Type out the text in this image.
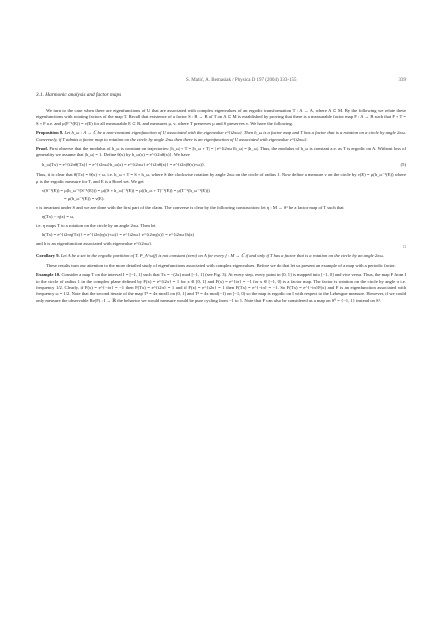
S. Matić, A. Bemasiak / Physica D 197 (2004) 333-155	339
3.1. Harmonic analysis and factor maps

We turn to the case when there are eigenfunctions of U that are associated with complex eigenvalues of an ergodic transformation T : A → A, where A ⊂ M. By the following we relate these eigenfunctions with rotating factors of the map T. Recall that existence of a factor S : B → B of T on A ⊂ M is established by proving that there is a measurable factor map F : A → B such that F ∘ T = S ∘ F a.e. and μ(F⁻¹(E)) = ν(E) for all measurable E ⊂ B, and measures μ, ν, where T preserves μ and S preserves ν. We have the following.

Proposition 8. Let h_ω : A → ℂ be a non-constant eigenfunction of U associated with the eigenvalue e^{i2πω}. Then h_ω is a factor map and T has a factor that is a rotation on a circle by angle 2πω. Conversely, if T admits a factor map to rotation on the circle by angle 2πω then there is an eigenfunction of U associated with eigenvalue e^{i2πω}.

Proof. First observe that the modulus of h_ω is constant on trajectories: |h_ω| ∘ T = |h_ω ∘ T| = | e^{i2πω}h_ω| = |h_ω|. Thus, the modulus of h_ω is constant a.e. as T is ergodic on A. Without loss of generality we assume that |h_ω| = 1. Define θ(x) by h_ω(x) = e^{i2πθ(x)}. We have

h_ω(Tx) = e^{i2πθ(Tx)} = e^{i2πω}h_ω(x) = e^{i2πω} e^{i2πθ(x)} = e^{i2π(θ(x)+ω)}.	(5)

Thus, it is clear that θ(Tx) = θ(x) + ω, i.e. h_ω ∘ T = S ∘ h_ω, where S the clockwise rotation by angle 2πω on the circle of radius 1. Now define a measure ν on the circle by ν(E) = μ(h_ω⁻¹(E)) where μ is the ergodic measure for T, and E is a Borel set. We get

ν(S⁻¹(E)) = μ(h_ω⁻¹(S⁻¹(E))) = μ((S ∘ h_ω)⁻¹(E)) = μ((h_ω ∘ T)⁻¹(E)) = μ(T⁻¹(h_ω⁻¹(E)))
= μ(h_ω⁻¹(E)) = ν(E).

ν is invariant under S and we are done with the first part of the claim. The converse is clear by the following construction: let η : M → S¹ be a factor map of T such that

η(Tx) − η(x) = ω,

i.e. η maps T to a rotation on the circle by an angle 2πω. Then let

h(Tx) = e^{i2πη(Tx)} = e^{i2π(η(x)+ω)} = e^{i2πω} e^{i2πη(x)} = e^{i2πω}h(x)

and h is an eigenfunction associated with eigenvalue e^{i2πω}.

□

Corollary 9. Let A be a set in the ergodic partition of T. P_A^ω(f) is not constant (zero) on A for every f : M → ℂ if and only if T has a factor that is a rotation on the circle by an angle 2πω.

These results turn our attention to the more detailed study of eigenfunctions associated with complex eigenvalues. Before we do that let us present an example of a map with a periodic factor.

Example 10. Consider a map T on the interval I = [−1, 1] such that Tx = −(2x) mod [−1, 1] (see Fig. 3). At every step, every point in [0, 1] is mapped into [−1, 0] and vice versa. Thus, the map F from I to the circle of radius 1 in the complex plane defined by F(x) = e^{i2π} = 1 for x ∈ [0, 1] and F(x) = e^{iπ} = −1 for x ∈ [−1, 0) is a factor map. The factor is rotation on the circle by angle π i.e. frequency 1/2. Clearly, if F(x) = e^{−iπ} = −1 then F(Tx) = e^{i2π} = 1 and if F(x) = e^{i2π} = 1 then F(Tx) = e^{−iπ} = −1. So F(Tx) = e^{−iπ}F(x) and F is an eigenfunction associated with frequency ω = 1/2. Note that the second iterate of the map T² = 4x mod1 on (0, 1] and T² = 4x mod(−1) on [−1, 0) so the map is ergodic on I with respect to the Lebesgue measure. However, if we could only measure the observable Re(F) : I → ℝ the behavior we would measure would be pure cycling from −1 to 1. Note that F can also be considered as a map on S⁰ = {−1, 1} instead on S¹.
